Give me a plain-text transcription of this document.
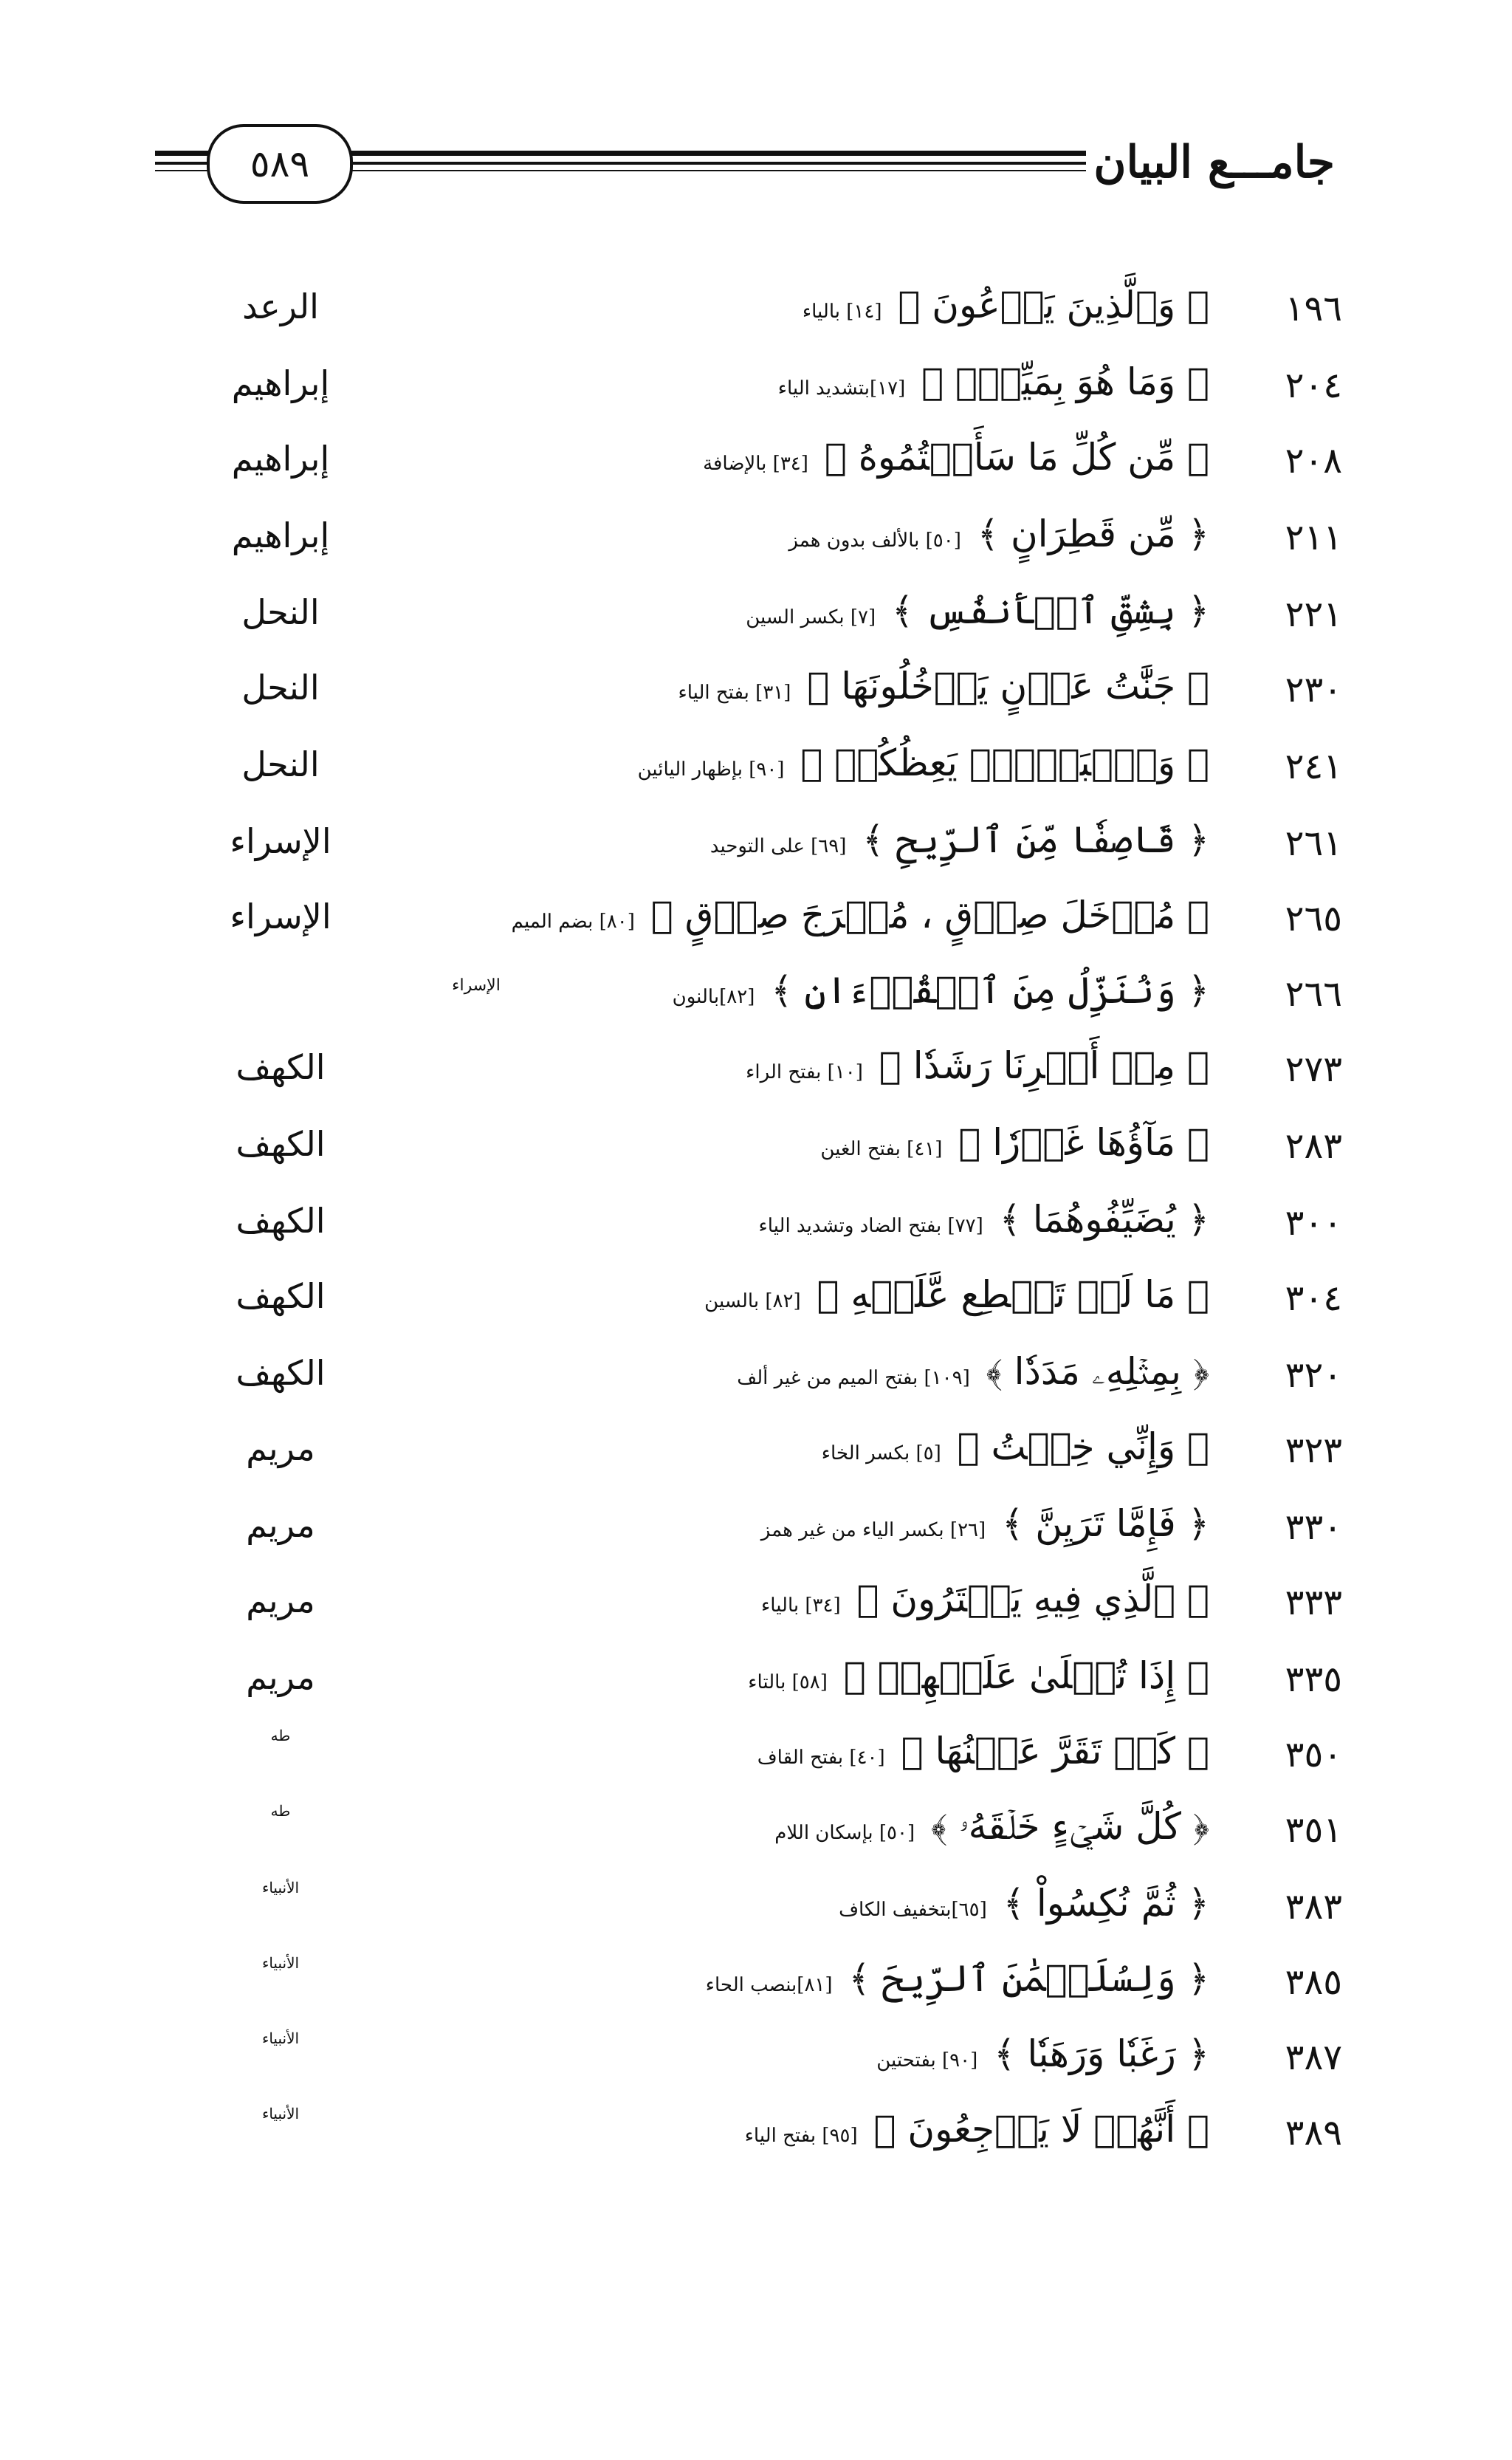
٥٨٩	جامـــع البيان
١٩٦
﴿ وَٱلَّذِينَ يَدۡعُونَ ﴾ [١٤] بالياء
الرعد
٢٠٤
﴿ وَمَا هُوَ بِمَيِّتٍۖ ﴾ [١٧]بتشديد الياء
إبراهيم
٢٠٨
﴿ مِّن كُلِّ مَا سَأَلۡتُمُوهُ ﴾ [٣٤] بالإضافة
إبراهيم
٢١١
﴿ مِّن قَطِرَانٍ ﴾ [٥٠] بالألف بدون همز
إبراهيم
٢٢١
﴿ بِشِقِّ ٱلۡأَنفُسِ ﴾ [٧] بكسر السين
النحل
٢٣٠
﴿ جَنَّٰتُ عَدۡنٍ يَدۡخُلُونَهَا ﴾ [٣١] بفتح الياء
النحل
٢٤١
﴿ وَٱلۡبَغۡيِۚ يَعِظُكُمۡ ﴾ [٩٠] بإظهار اليائين
النحل
٢٦١
﴿ قَاصِفٗا مِّنَ ٱلرِّيحِ ﴾ [٦٩] على التوحيد
الإسراء
٢٦٥
﴿ مُدۡخَلَ صِدۡقٍ ، مُخۡرَجَ صِدۡقٍ ﴾ [٨٠] بضم الميم
الإسراء
٢٦٦
﴿ وَنُنَزِّلُ مِنَ ٱلۡقُرۡءَانِ ﴾ [٨٢]بالنون
الإسراء
٢٧٣
﴿ مِنۡ أَمۡرِنَا رَشَدٗا ﴾ [١٠] بفتح الراء
الكهف
٢٨٣
﴿ مَآؤُهَا غَوۡرٗا ﴾ [٤١] بفتح الغين
الكهف
٣٠٠
﴿ يُضَيِّفُوهُمَا ﴾ [٧٧] بفتح الضاد وتشديد الياء
الكهف
٣٠٤
﴿ مَا لَمۡ تَسۡطِع عَّلَيۡهِ ﴾ [٨٢] بالسين
الكهف
٣٢٠
﴿ بِمِثۡلِهِۦ مَدَدٗا ﴾ [١٠٩] بفتح الميم من غير ألف
الكهف
٣٢٣
﴿ وَإِنِّي خِفۡتُ ﴾ [٥] بكسر الخاء
مريم
٣٣٠
﴿ فَإِمَّا تَرَيِنَّ ﴾ [٢٦] بكسر الياء من غير همز
مريم
٣٣٣
﴿ ٱلَّذِي فِيهِ يَمۡتَرُونَ ﴾ [٣٤] بالياء
مريم
٣٣٥
﴿ إِذَا تُتۡلَىٰ عَلَيۡهِمۡ ﴾ [٥٨] بالتاء
مريم
٣٥٠
﴿ كَيۡ تَقَرَّ عَيۡنُهَا ﴾ [٤٠] بفتح القاف
طه
٣٥١
﴿ كُلَّ شَيۡءٍ خَلۡقَهُۥ ﴾ [٥٠] بإسكان اللام
طه
٣٨٣
﴿ ثُمَّ نُكِسُواْ ﴾ [٦٥]بتخفيف الكاف
الأنبياء
٣٨٥
﴿ وَلِسُلَيۡمَٰنَ ٱلرِّيحَ ﴾ [٨١]بنصب الحاء
الأنبياء
٣٨٧
﴿ رَغَبٗا وَرَهَبٗا ﴾ [٩٠] بفتحتين
الأنبياء
٣٨٩
﴿ أَنَّهُمۡ لَا يَرۡجِعُونَ ﴾ [٩٥] بفتح الياء
الأنبياء
